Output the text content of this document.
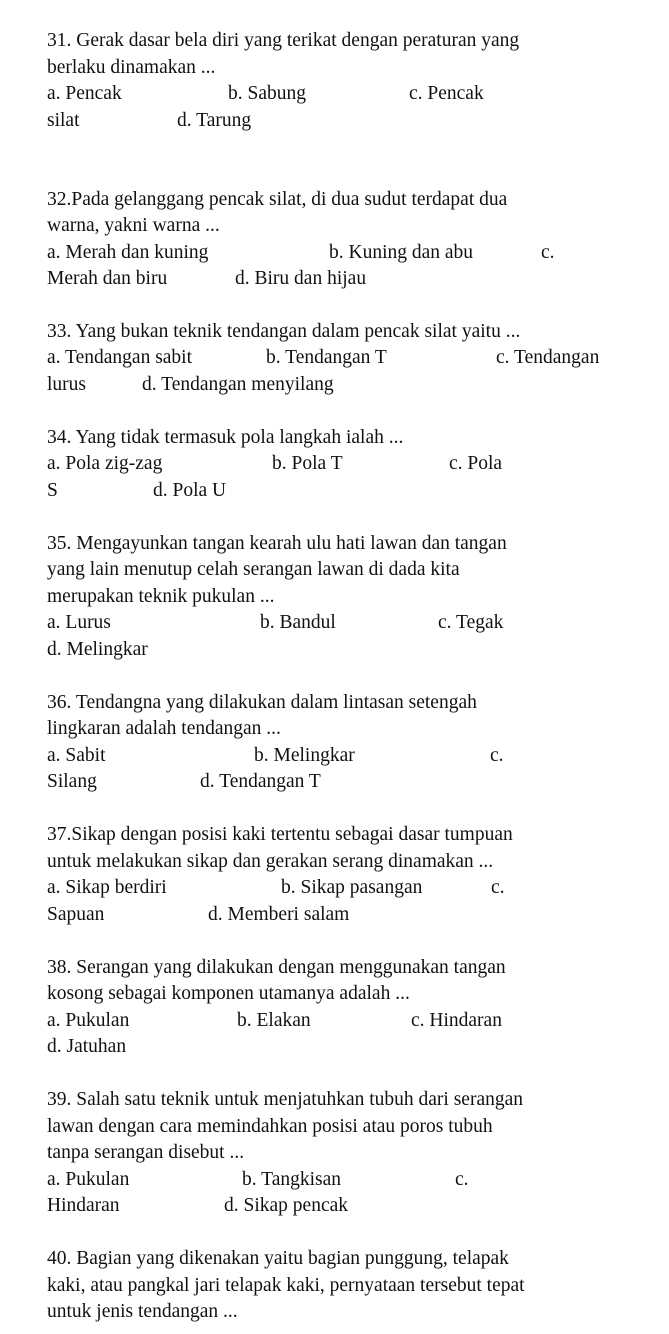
31. Gerak dasar bela diri yang terikat dengan peraturan yang
berlaku dinamakan ...
a. Pencak	b. Sabung	c. Pencak
silat	d. Tarung
32.Pada gelanggang pencak silat, di dua sudut terdapat dua
warna, yakni warna ...
a. Merah dan kuning	b. Kuning dan abu	c.
Merah dan biru	d. Biru dan hijau
33. Yang bukan teknik tendangan dalam pencak silat yaitu ...
a. Tendangan sabit	b. Tendangan T	c. Tendangan
lurus	d. Tendangan menyilang
34. Yang tidak termasuk pola langkah ialah ...
a. Pola zig-zag	b. Pola T	c. Pola
S	d. Pola U
35. Mengayunkan tangan kearah ulu hati lawan dan tangan
yang lain menutup celah serangan lawan di dada kita
merupakan teknik pukulan ...
a. Lurus	b. Bandul	c. Tegak
d. Melingkar
36. Tendangna yang dilakukan dalam lintasan setengah
lingkaran adalah tendangan ...
a. Sabit	b. Melingkar	c.
Silang	d. Tendangan T
37.Sikap dengan posisi kaki tertentu sebagai dasar tumpuan
untuk melakukan sikap dan gerakan serang dinamakan ...
a. Sikap berdiri	b. Sikap pasangan	c.
Sapuan	d. Memberi salam
38. Serangan yang dilakukan dengan menggunakan tangan
kosong sebagai komponen utamanya adalah ...
a. Pukulan	b. Elakan	c. Hindaran
d. Jatuhan
39. Salah satu teknik untuk menjatuhkan tubuh dari serangan
lawan dengan cara memindahkan posisi atau poros tubuh
tanpa serangan disebut ...
a. Pukulan	b. Tangkisan	c.
Hindaran	d. Sikap pencak
40. Bagian yang dikenakan yaitu bagian punggung, telapak
kaki, atau pangkal jari telapak kaki, pernyataan tersebut tepat
untuk jenis tendangan ...
